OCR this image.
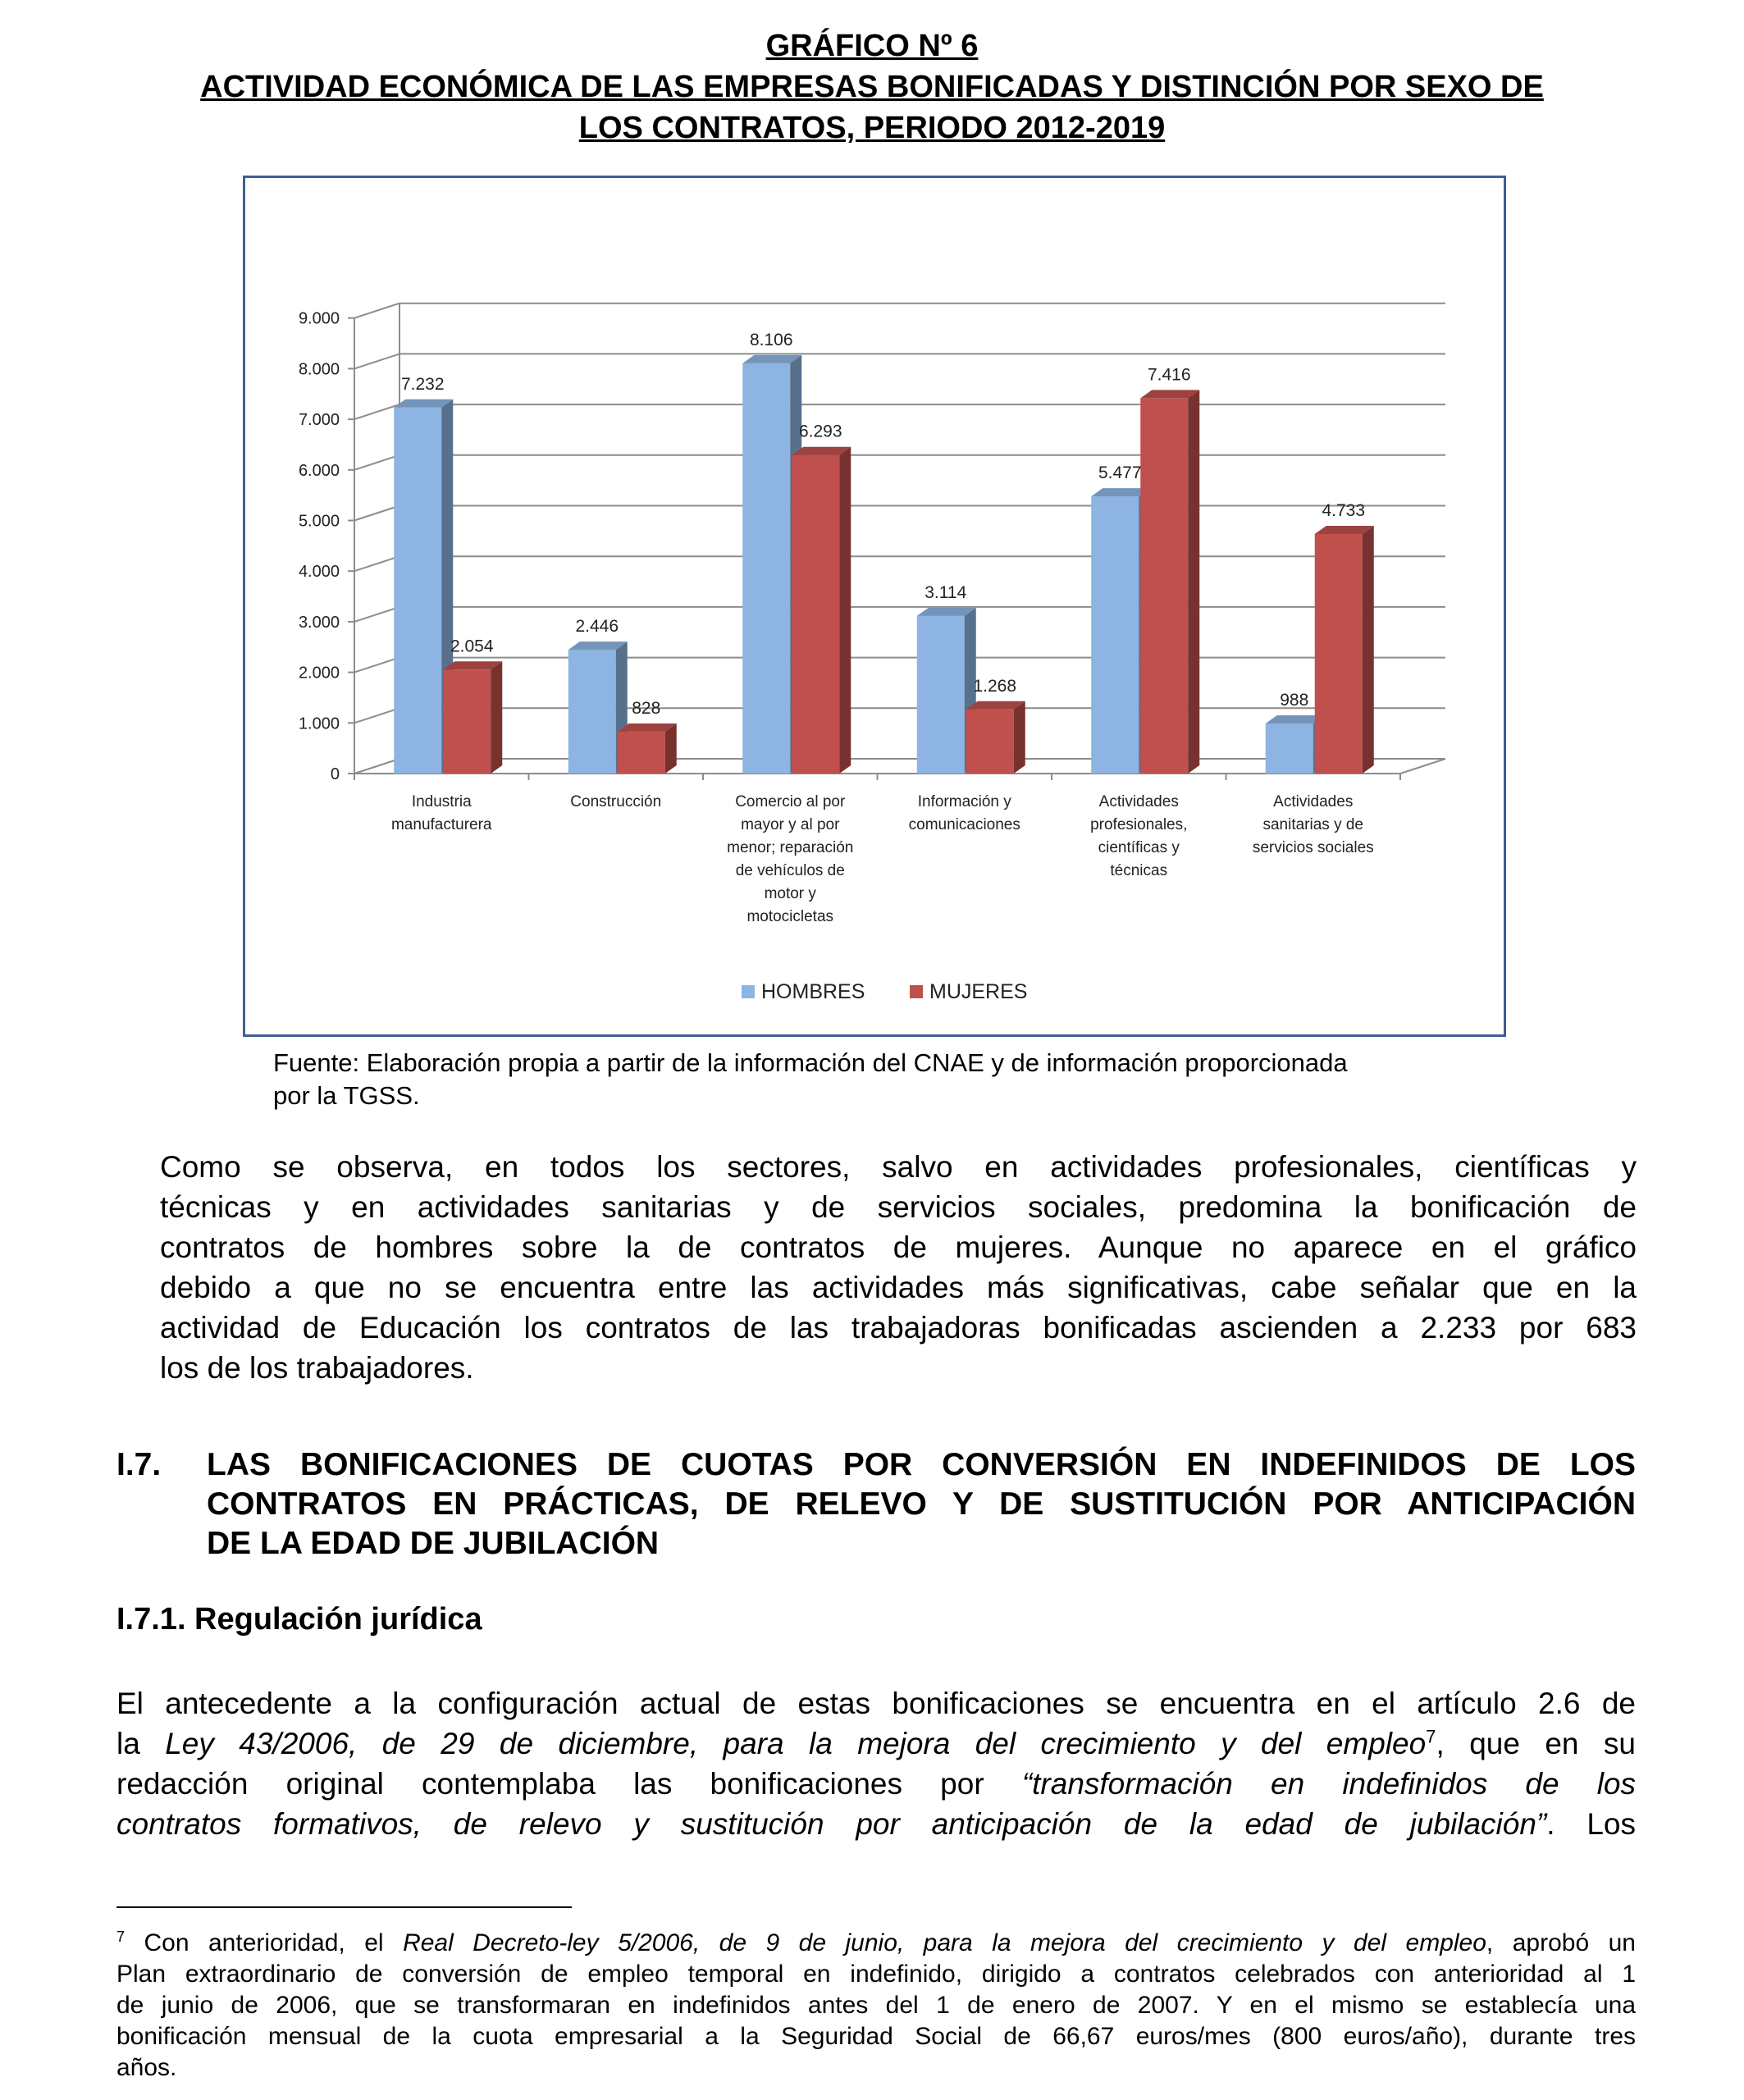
GRÁFICO Nº 6
ACTIVIDAD ECONÓMICA DE LAS EMPRESAS BONIFICADAS Y DISTINCIÓN POR SEXO DE
LOS CONTRATOS, PERIODO 2012-2019
0
1.000
2.000
3.000
4.000
5.000
6.000
7.000
8.000
9.000
7.232
2.054
2.446
828
8.106
6.293
3.114
1.268
5.477
7.416
988
4.733
Industria manufacturera
Construcción	Comercio al por mayor y al por menor; reparación de vehículos de motor y motocicletas
Información y comunicaciones
Actividades profesionales, científicas y técnicas
Actividades sanitarias y de servicios sociales
HOMBRES	MUJERES
Fuente: Elaboración propia a partir de la información del CNAE y de información proporcionada
por la TGSS.
Como se observa, en todos los sectores, salvo en actividades profesionales, científicas y
técnicas y en actividades sanitarias y de servicios sociales, predomina la bonificación de
contratos de hombres sobre la de contratos de mujeres. Aunque no aparece en el gráfico
debido a que no se encuentra entre las actividades más significativas, cabe señalar que en la
actividad de Educación los contratos de las trabajadoras bonificadas ascienden a 2.233 por 683
los de los trabajadores.
I.7. LAS BONIFICACIONES DE CUOTAS POR CONVERSIÓN EN INDEFINIDOS DE LOS
CONTRATOS EN PRÁCTICAS, DE RELEVO Y DE SUSTITUCIÓN POR ANTICIPACIÓN
DE LA EDAD DE JUBILACIÓN
I.7.1. Regulación jurídica
El antecedente a la configuración actual de estas bonificaciones se encuentra en el artículo 2.6 de
la Ley 43/2006, de 29 de diciembre, para la mejora del crecimiento y del empleo$^7$, que en su
redacción original contemplaba las bonificaciones por “transformación en indefinidos de los
contratos formativos, de relevo y sustitución por anticipación de la edad de jubilación”. Los
$^7$ Con anterioridad, el Real Decreto-ley 5/2006, de 9 de junio, para la mejora del crecimiento y del empleo, aprobó un
Plan extraordinario de conversión de empleo temporal en indefinido, dirigido a contratos celebrados con anterioridad al 1
de junio de 2006, que se transformaran en indefinidos antes del 1 de enero de 2007. Y en el mismo se establecía una
bonificación mensual de la cuota empresarial a la Seguridad Social de 66,67 euros/mes (800 euros/año), durante tres
años.
